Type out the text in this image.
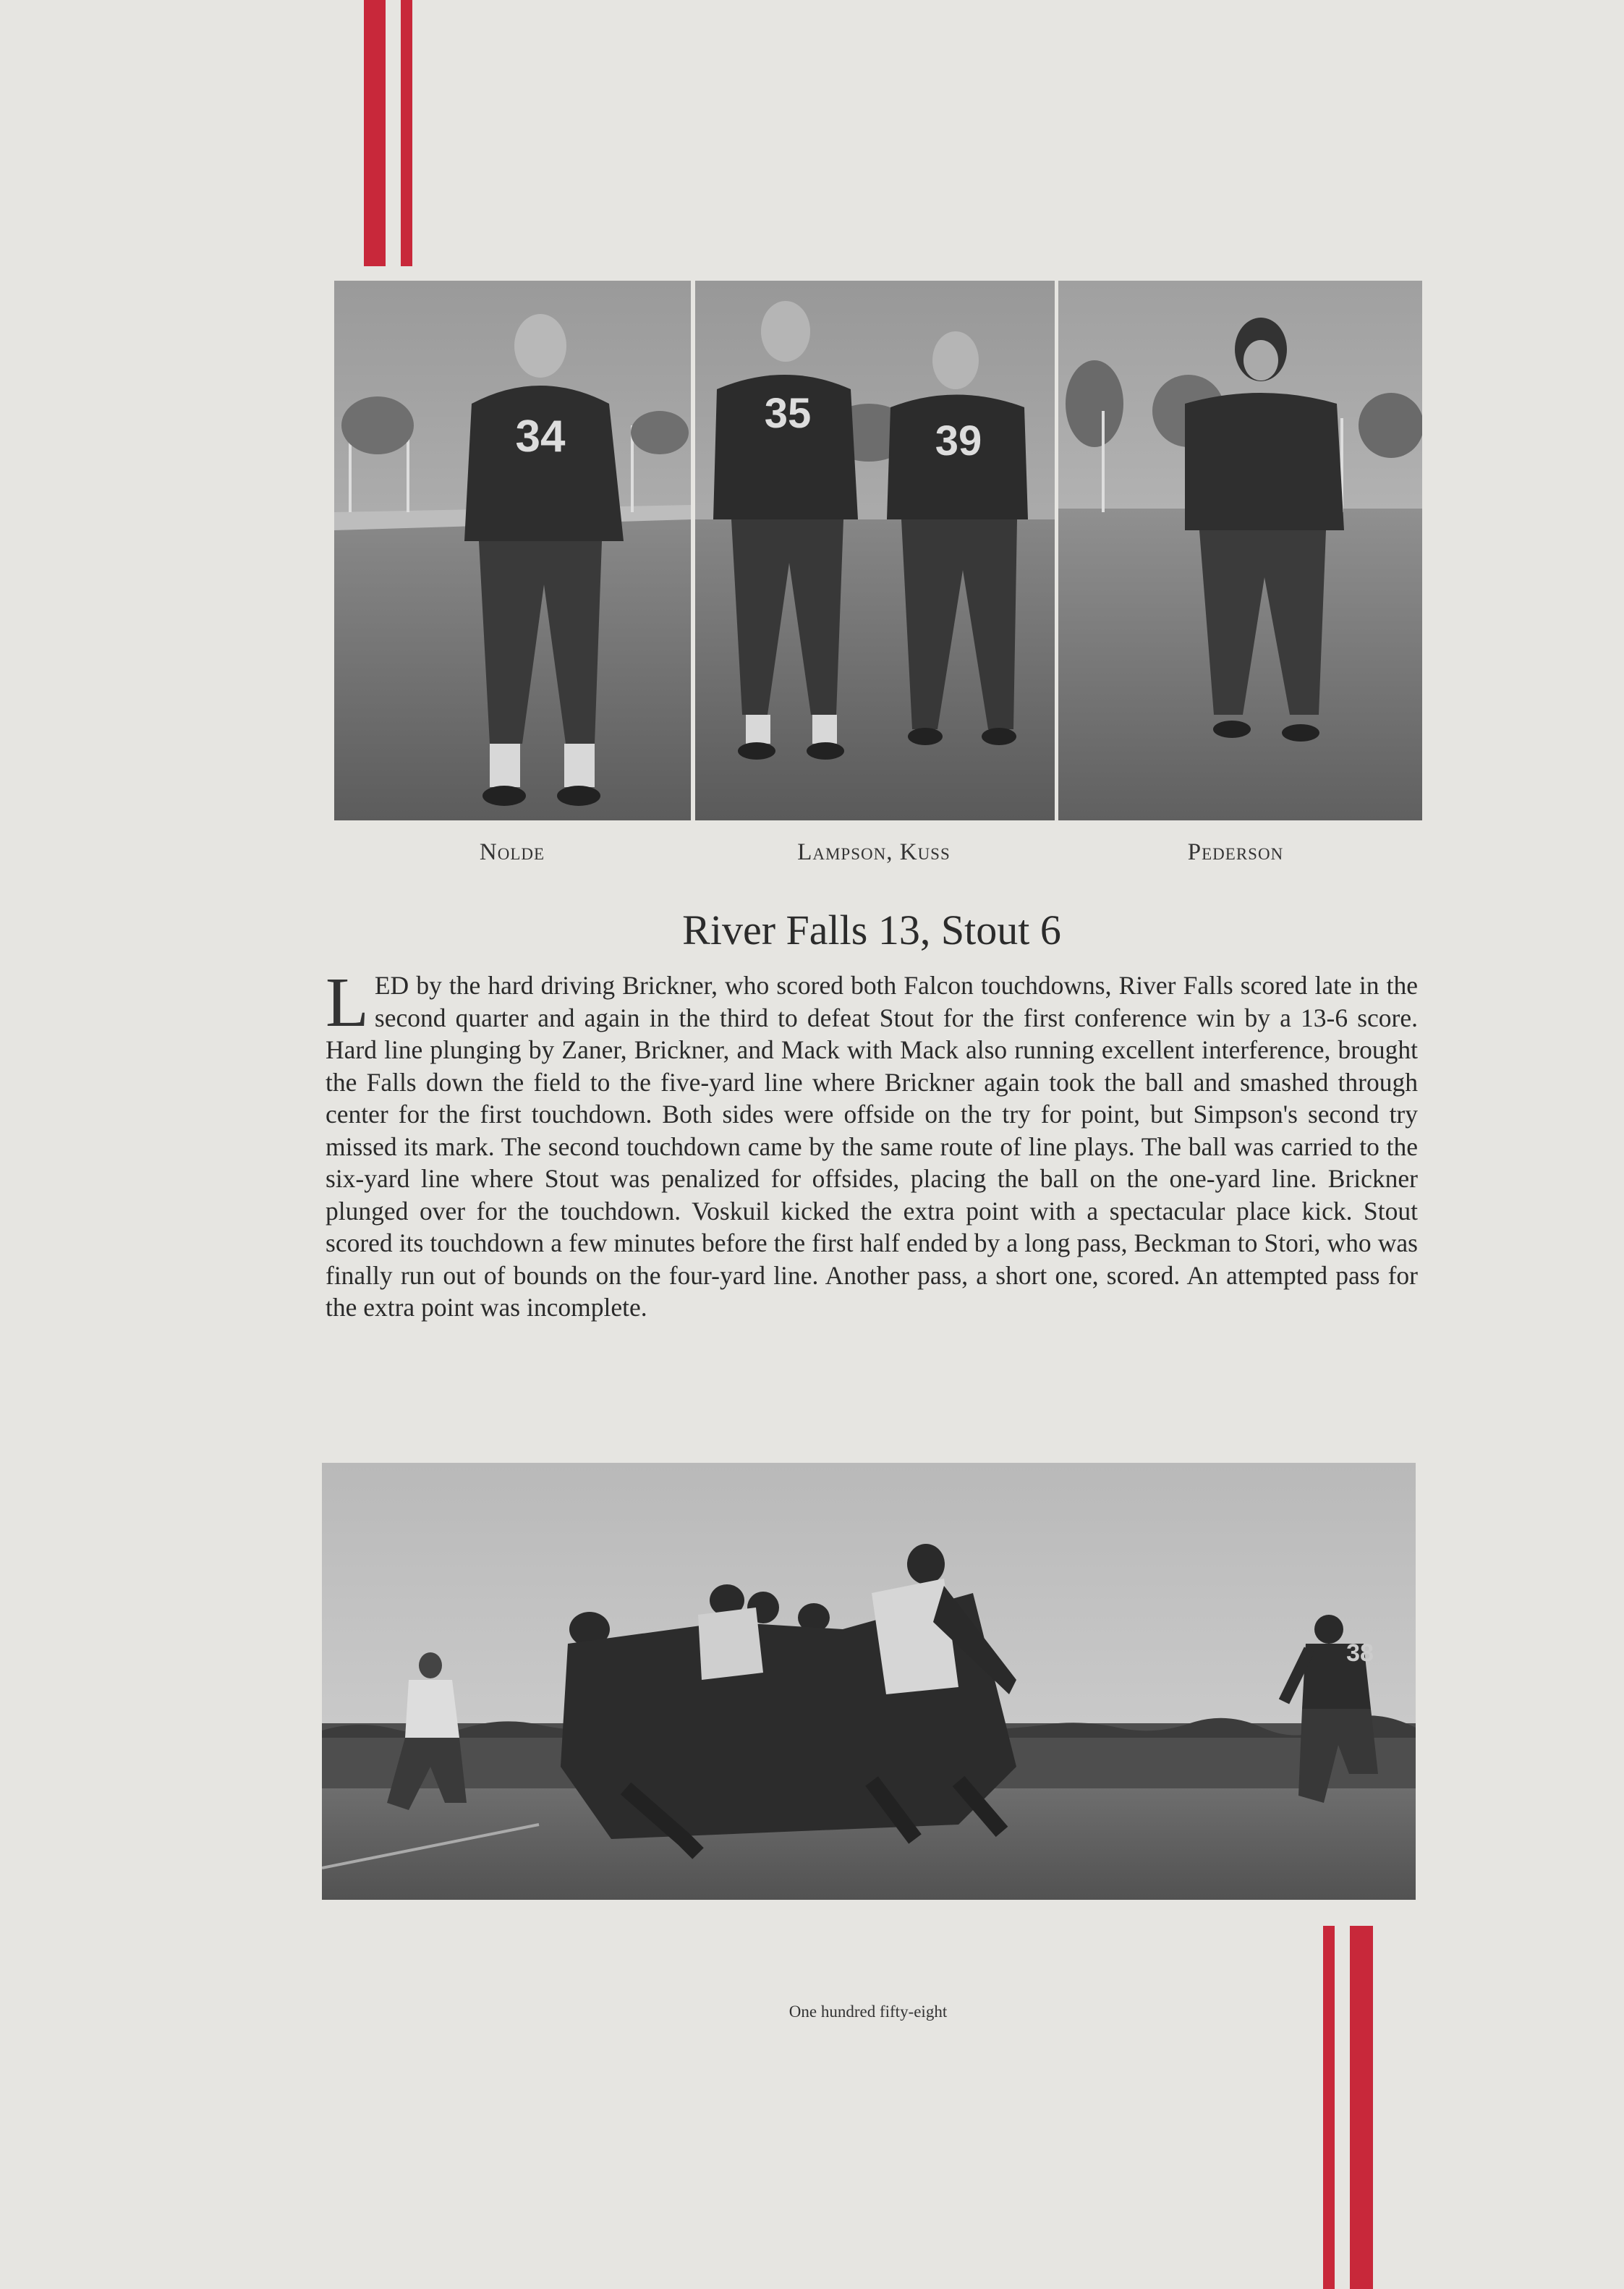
34	35
39
Nolde	Lampson, Kuss	Pederson
River Falls 13, Stout 6
L ED by the hard driving Brickner, who scored both Falcon touchdowns, River Falls scored late in the second quarter and again in the third to defeat Stout for the first conference win by a 13-6 score. Hard line plunging by Zaner, Brickner, and Mack with Mack also running excellent interference, brought the Falls down the field to the five-yard line where Brickner again took the ball and smashed through center for the first touchdown. Both sides were offside on the try for point, but Simpson's second try missed its mark. The second touchdown came by the same route of line plays. The ball was carried to the six-yard line where Stout was penalized for offsides, placing the ball on the one-yard line. Brickner plunged over for the touchdown. Voskuil kicked the extra point with a spectacular place kick. Stout scored its touchdown a few minutes before the first half ended by a long pass, Beckman to Stori, who was finally run out of bounds on the four-yard line. Another pass, a short one, scored. An attempted pass for the extra point was incomplete.
38
One hundred fifty-eight
